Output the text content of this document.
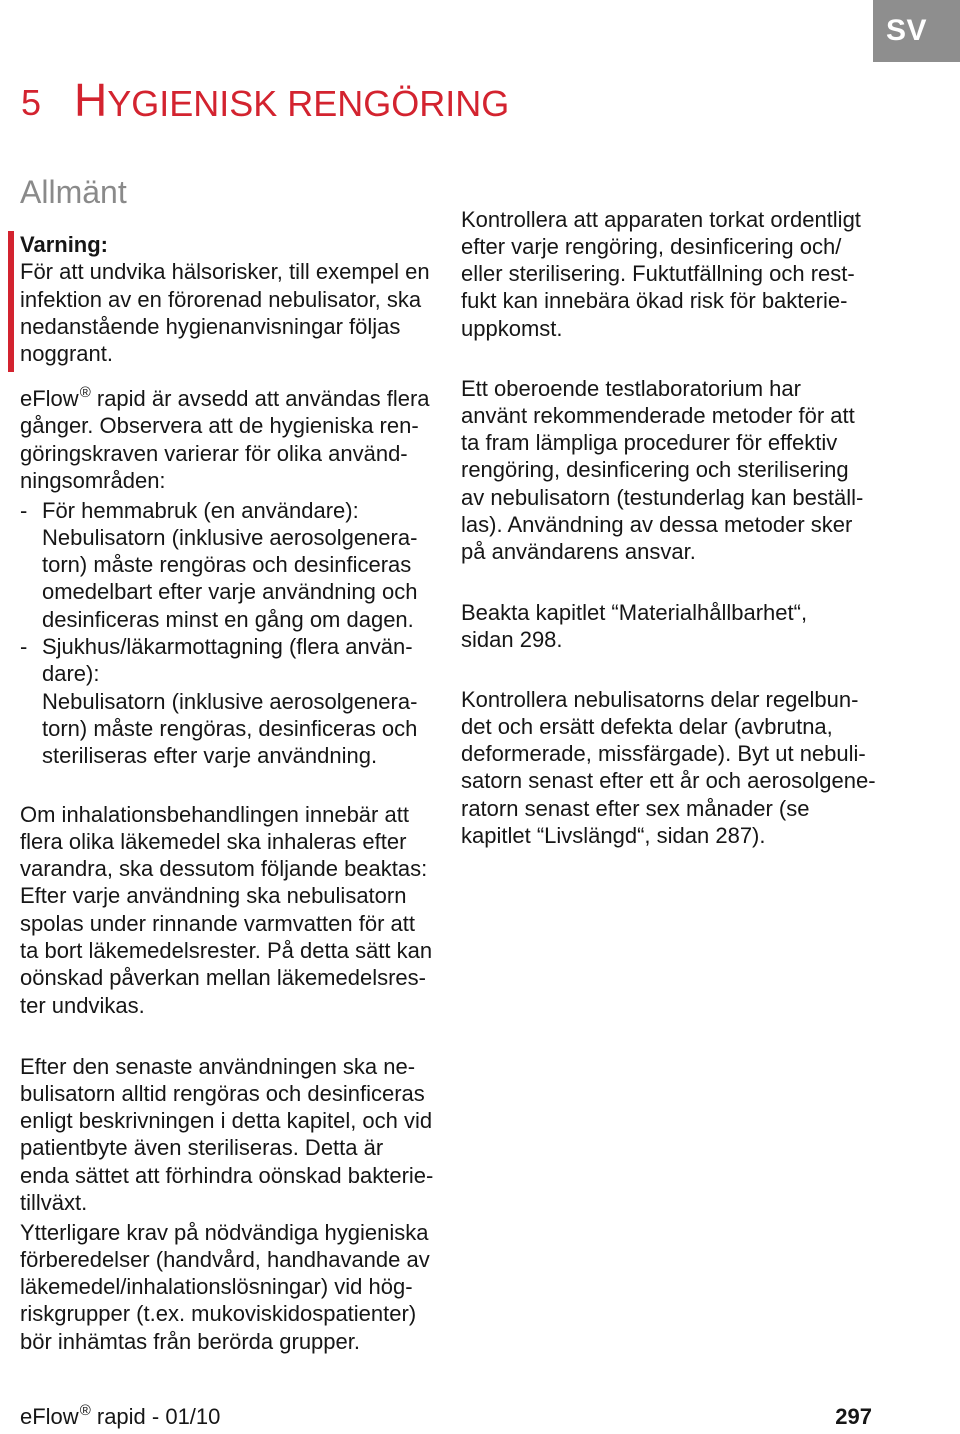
SV
5 HYGIENISK RENGÖRING
Allmänt
Varning:
För att undvika hälsorisker, till exempel en
infektion av en förorenad nebulisator, ska
nedanstående hygienanvisningar följas
noggrant.
eFlow® rapid är avsedd att användas flera
gånger. Observera att de hygieniska ren-
göringskraven varierar för olika använd-
ningsområden:
- För hemmabruk (en användare):
Nebulisatorn (inklusive aerosolgenera-
torn) måste rengöras och desinficeras
omedelbart efter varje användning och
desinficeras minst en gång om dagen.
- Sjukhus/läkarmottagning (flera använ-
dare):
Nebulisatorn (inklusive aerosolgenera-
torn) måste rengöras, desinficeras och
steriliseras efter varje användning.
Om inhalationsbehandlingen innebär att
flera olika läkemedel ska inhaleras efter
varandra, ska dessutom följande beaktas:
Efter varje användning ska nebulisatorn
spolas under rinnande varmvatten för att
ta bort läkemedelsrester. På detta sätt kan
oönskad påverkan mellan läkemedelsres-
ter undvikas.
Efter den senaste användningen ska ne-
bulisatorn alltid rengöras och desinficeras
enligt beskrivningen i detta kapitel, och vid
patientbyte även steriliseras. Detta är
enda sättet att förhindra oönskad bakterie-
tillväxt.
Ytterligare krav på nödvändiga hygieniska
förberedelser (handvård, handhavande av
läkemedel/inhalationslösningar) vid hög-
riskgrupper (t.ex. mukoviskidospatienter)
bör inhämtas från berörda grupper.
Kontrollera att apparaten torkat ordentligt
efter varje rengöring, desinficering och/
eller sterilisering. Fuktutfällning och rest-
fukt kan innebära ökad risk för bakterie-
uppkomst.
Ett oberoende testlaboratorium har
använt rekommenderade metoder för att
ta fram lämpliga procedurer för effektiv
rengöring, desinficering och sterilisering
av nebulisatorn (testunderlag kan beställ-
las). Användning av dessa metoder sker
på användarens ansvar.
Beakta kapitlet “Materialhållbarhet“,
sidan 298.
Kontrollera nebulisatorns delar regelbun-
det och ersätt defekta delar (avbrutna,
deformerade, missfärgade). Byt ut nebuli-
satorn senast efter ett år och aerosolgene-
ratorn senast efter sex månader (se
kapitlet “Livslängd“, sidan 287).
eFlow® rapid - 01/10	297
